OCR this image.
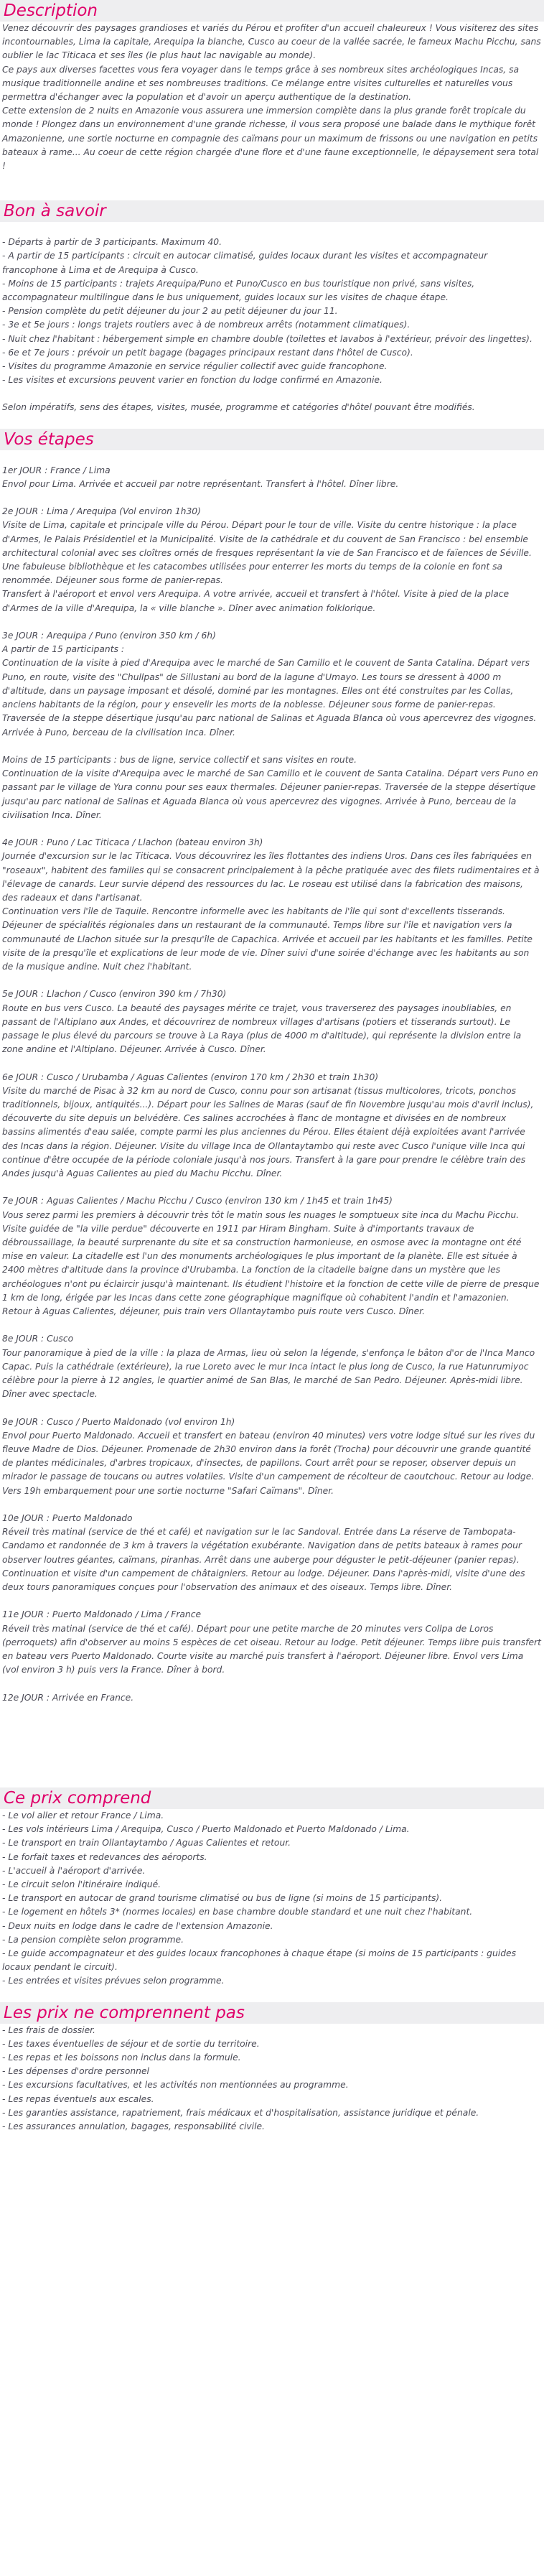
Description

Venez découvrir des paysages grandioses et variés du Pérou et profiter d'un accueil chaleureux ! Vous visiterez des sites incontournables, Lima la capitale, Arequipa la blanche, Cusco au coeur de la vallée sacrée, le fameux Machu Picchu, sans oublier le lac Titicaca et ses îles (le plus haut lac navigable au monde).

Ce pays aux diverses facettes vous fera voyager dans le temps grâce à ses nombreux sites archéologiques Incas, sa musique traditionnelle andine et ses nombreuses traditions. Ce mélange entre visites culturelles et naturelles vous permettra d'échanger avec la population et d'avoir un aperçu authentique de la destination.

Cette extension de 2 nuits en Amazonie vous assurera une immersion complète dans la plus grande forêt tropicale du monde ! Plongez dans un environnement d'une grande richesse, il vous sera proposé une balade dans le mythique forêt Amazonienne, une sortie nocturne en compagnie des caïmans pour un maximum de frissons ou une navigation en petits bateaux à rame... Au coeur de cette région chargée d'une flore et d'une faune exceptionnelle, le dépaysement sera total !

Bon à savoir

- Départs à partir de 3 participants. Maximum 40.

- A partir de 15 participants : circuit en autocar climatisé, guides locaux durant les visites et accompagnateur francophone à Lima et de Arequipa à Cusco.

- Moins de 15 participants : trajets Arequipa/Puno et Puno/Cusco en bus touristique non privé, sans visites, accompagnateur multilingue dans le bus uniquement, guides locaux sur les visites de chaque étape.

- Pension complète du petit déjeuner du jour 2 au petit déjeuner du jour 11.

- 3e et 5e jours : longs trajets routiers avec à de nombreux arrêts (notamment climatiques).

- Nuit chez l'habitant : hébergement simple en chambre double (toilettes et lavabos à l'extérieur, prévoir des lingettes).

- 6e et 7e jours : prévoir un petit bagage (bagages principaux restant dans l'hôtel de Cusco).

- Visites du programme Amazonie en service régulier collectif avec guide francophone.

- Les visites et excursions peuvent varier en fonction du lodge confirmé en Amazonie.

Selon impératifs, sens des étapes, visites, musée, programme et catégories d'hôtel pouvant être modifiés.

Vos étapes

1er JOUR : France / Lima

Envol pour Lima. Arrivée et accueil par notre représentant. Transfert à l'hôtel. Dîner libre.

2e JOUR : Lima / Arequipa (Vol environ 1h30)

Visite de Lima, capitale et principale ville du Pérou. Départ pour le tour de ville. Visite du centre historique : la place d'Armes, le Palais Présidentiel et la Municipalité. Visite de la cathédrale et du couvent de San Francisco : bel ensemble architectural colonial avec ses cloîtres ornés de fresques représentant la vie de San Francisco et de faïences de Séville. Une fabuleuse bibliothèque et les catacombes utilisées pour enterrer les morts du temps de la colonie en font sa renommée. Déjeuner sous forme de panier-repas.

Transfert à l'aéroport et envol vers Arequipa. A votre arrivée, accueil et transfert à l'hôtel. Visite à pied de la place d'Armes de la ville d'Arequipa, la « ville blanche ». Dîner avec animation folklorique.

3e JOUR : Arequipa / Puno (environ 350 km / 6h)

A partir de 15 participants :

Continuation de la visite à pied d'Arequipa avec le marché de San Camillo et le couvent de Santa Catalina. Départ vers Puno, en route, visite des "Chullpas" de Sillustani au bord de la lagune d'Umayo. Les tours se dressent à 4000 m d'altitude, dans un paysage imposant et désolé, dominé par les montagnes. Elles ont été construites par les Collas, anciens habitants de la région, pour y ensevelir les morts de la noblesse. Déjeuner sous forme de panier-repas. Traversée de la steppe désertique jusqu'au parc national de Salinas et Aguada Blanca où vous apercevrez des vigognes. Arrivée à Puno, berceau de la civilisation Inca. Dîner.

Moins de 15 participants : bus de ligne, service collectif et sans visites en route.

Continuation de la visite d'Arequipa avec le marché de San Camillo et le couvent de Santa Catalina. Départ vers Puno en passant par le village de Yura connu pour ses eaux thermales. Déjeuner panier-repas. Traversée de la steppe désertique jusqu'au parc national de Salinas et Aguada Blanca où vous apercevrez des vigognes. Arrivée à Puno, berceau de la civilisation Inca. Dîner.

4e JOUR : Puno / Lac Titicaca / Llachon (bateau environ 3h)

Journée d'excursion sur le lac Titicaca. Vous découvrirez les îles flottantes des indiens Uros. Dans ces îles fabriquées en "roseaux", habitent des familles qui se consacrent principalement à la pêche pratiquée avec des filets rudimentaires et à l'élevage de canards. Leur survie dépend des ressources du lac. Le roseau est utilisé dans la fabrication des maisons, des radeaux et dans l'artisanat.

Continuation vers l'île de Taquile. Rencontre informelle avec les habitants de l'île qui sont d'excellents tisserands. Déjeuner de spécialités régionales dans un restaurant de la communauté. Temps libre sur l'île et navigation vers la communauté de Llachon située sur la presqu'île de Capachica. Arrivée et accueil par les habitants et les familles. Petite visite de la presqu'île et explications de leur mode de vie. Dîner suivi d'une soirée d'échange avec les habitants au son de la musique andine. Nuit chez l'habitant.

5e JOUR : Llachon / Cusco (environ 390 km / 7h30)

Route en bus vers Cusco. La beauté des paysages mérite ce trajet, vous traverserez des paysages inoubliables, en passant de l'Altiplano aux Andes, et découvrirez de nombreux villages d'artisans (potiers et tisserands surtout). Le passage le plus élevé du parcours se trouve à La Raya (plus de 4000 m d'altitude), qui représente la division entre la zone andine et l'Altiplano. Déjeuner. Arrivée à Cusco. Dîner.

6e JOUR : Cusco / Urubamba / Aguas Calientes (environ 170 km / 2h30 et train 1h30)

Visite du marché de Pisac à 32 km au nord de Cusco, connu pour son artisanat (tissus multicolores, tricots, ponchos traditionnels, bijoux, antiquités...). Départ pour les Salines de Maras (sauf de fin Novembre jusqu'au mois d'avril inclus), découverte du site depuis un belvédère. Ces salines accrochées à flanc de montagne et divisées en de nombreux bassins alimentés d'eau salée, compte parmi les plus anciennes du Pérou. Elles étaient déjà exploitées avant l'arrivée des Incas dans la région. Déjeuner. Visite du village Inca de Ollantaytambo qui reste avec Cusco l'unique ville Inca qui continue d'être occupée de la période coloniale jusqu'à nos jours. Transfert à la gare pour prendre le célèbre train des Andes jusqu'à Aguas Calientes au pied du Machu Picchu. Dîner.

7e JOUR : Aguas Calientes / Machu Picchu / Cusco (environ 130 km / 1h45 et train 1h45)

Vous serez parmi les premiers à découvrir très tôt le matin sous les nuages le somptueux site inca du Machu Picchu. Visite guidée de "la ville perdue" découverte en 1911 par Hiram Bingham. Suite à d'importants travaux de débroussaillage, la beauté surprenante du site et sa construction harmonieuse, en osmose avec la montagne ont été mise en valeur. La citadelle est l'un des monuments archéologiques le plus important de la planète. Elle est située à 2400 mètres d'altitude dans la province d'Urubamba. La fonction de la citadelle baigne dans un mystère que les archéologues n'ont pu éclaircir jusqu'à maintenant. Ils étudient l'histoire et la fonction de cette ville de pierre de presque 1 km de long, érigée par les Incas dans cette zone géographique magnifique où cohabitent l'andin et l'amazonien. Retour à Aguas Calientes, déjeuner, puis train vers Ollantaytambo puis route vers Cusco. Dîner.

8e JOUR : Cusco

Tour panoramique à pied de la ville : la plaza de Armas, lieu où selon la légende, s'enfonça le bâton d'or de l'Inca Manco Capac. Puis la cathédrale (extérieure), la rue Loreto avec le mur Inca intact le plus long de Cusco, la rue Hatunrumiyoc célèbre pour la pierre à 12 angles, le quartier animé de San Blas, le marché de San Pedro. Déjeuner. Après-midi libre. Dîner avec spectacle.

9e JOUR : Cusco / Puerto Maldonado (vol environ 1h)

Envol pour Puerto Maldonado. Accueil et transfert en bateau (environ 40 minutes) vers votre lodge situé sur les rives du fleuve Madre de Dios. Déjeuner. Promenade de 2h30 environ dans la forêt (Trocha) pour découvrir une grande quantité de plantes médicinales, d'arbres tropicaux, d'insectes, de papillons. Court arrêt pour se reposer, observer depuis un mirador le passage de toucans ou autres volatiles. Visite d'un campement de récolteur de caoutchouc. Retour au lodge. Vers 19h embarquement pour une sortie nocturne "Safari Caïmans". Dîner.

10e JOUR : Puerto Maldonado

Réveil très matinal (service de thé et café) et navigation sur le lac Sandoval. Entrée dans La réserve de Tambopata-Candamo et randonnée de 3 km à travers la végétation exubérante. Navigation dans de petits bateaux à rames pour observer loutres géantes, caïmans, piranhas. Arrêt dans une auberge pour déguster le petit-déjeuner (panier repas). Continuation et visite d'un campement de châtaigniers. Retour au lodge. Déjeuner. Dans l'après-midi, visite d'une des deux tours panoramiques conçues pour l'observation des animaux et des oiseaux. Temps libre. Dîner.

11e JOUR : Puerto Maldonado / Lima / France

Réveil très matinal (service de thé et café). Départ pour une petite marche de 20 minutes vers Collpa de Loros (perroquets) afin d'observer au moins 5 espèces de cet oiseau. Retour au lodge. Petit déjeuner. Temps libre puis transfert en bateau vers Puerto Maldonado. Courte visite au marché puis transfert à l'aéroport. Déjeuner libre. Envol vers Lima (vol environ 3 h) puis vers la France. Dîner à bord.

12e JOUR : Arrivée en France.

Ce prix comprend

- Le vol aller et retour France / Lima.

- Les vols intérieurs Lima / Arequipa, Cusco / Puerto Maldonado et Puerto Maldonado / Lima.

- Le transport en train Ollantaytambo / Aguas Calientes et retour.

- Le forfait taxes et redevances des aéroports.

- L'accueil à l'aéroport d'arrivée.

- Le circuit selon l'itinéraire indiqué.

- Le transport en autocar de grand tourisme climatisé ou bus de ligne (si moins de 15 participants).

- Le logement en hôtels 3* (normes locales) en base chambre double standard et une nuit chez l'habitant.

- Deux nuits en lodge dans le cadre de l'extension Amazonie.

- La pension complète selon programme.

- Le guide accompagnateur et des guides locaux francophones à chaque étape (si moins de 15 participants : guides locaux pendant le circuit).

- Les entrées et visites prévues selon programme.

Les prix ne comprennent pas

- Les frais de dossier.

- Les taxes éventuelles de séjour et de sortie du territoire.

- Les repas et les boissons non inclus dans la formule.

- Les dépenses d'ordre personnel

- Les excursions facultatives, et les activités non mentionnées au programme.

- Les repas éventuels aux escales.

- Les garanties assistance, rapatriement, frais médicaux et d'hospitalisation, assistance juridique et pénale.

- Les assurances annulation, bagages, responsabilité civile.
